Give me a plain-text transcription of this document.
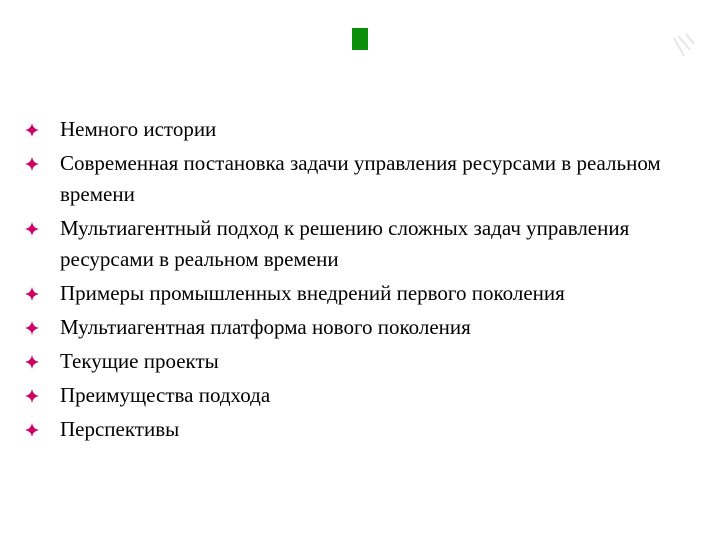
Немного истории
Современная постановка задачи управления ресурсами в реальном времени
Мультиагентный подход к решению сложных задач управления ресурсами в реальном времени
Примеры промышленных внедрений первого поколения
Мультиагентная платформа нового поколения
Текущие проекты
Преимущества подхода
Перспективы
